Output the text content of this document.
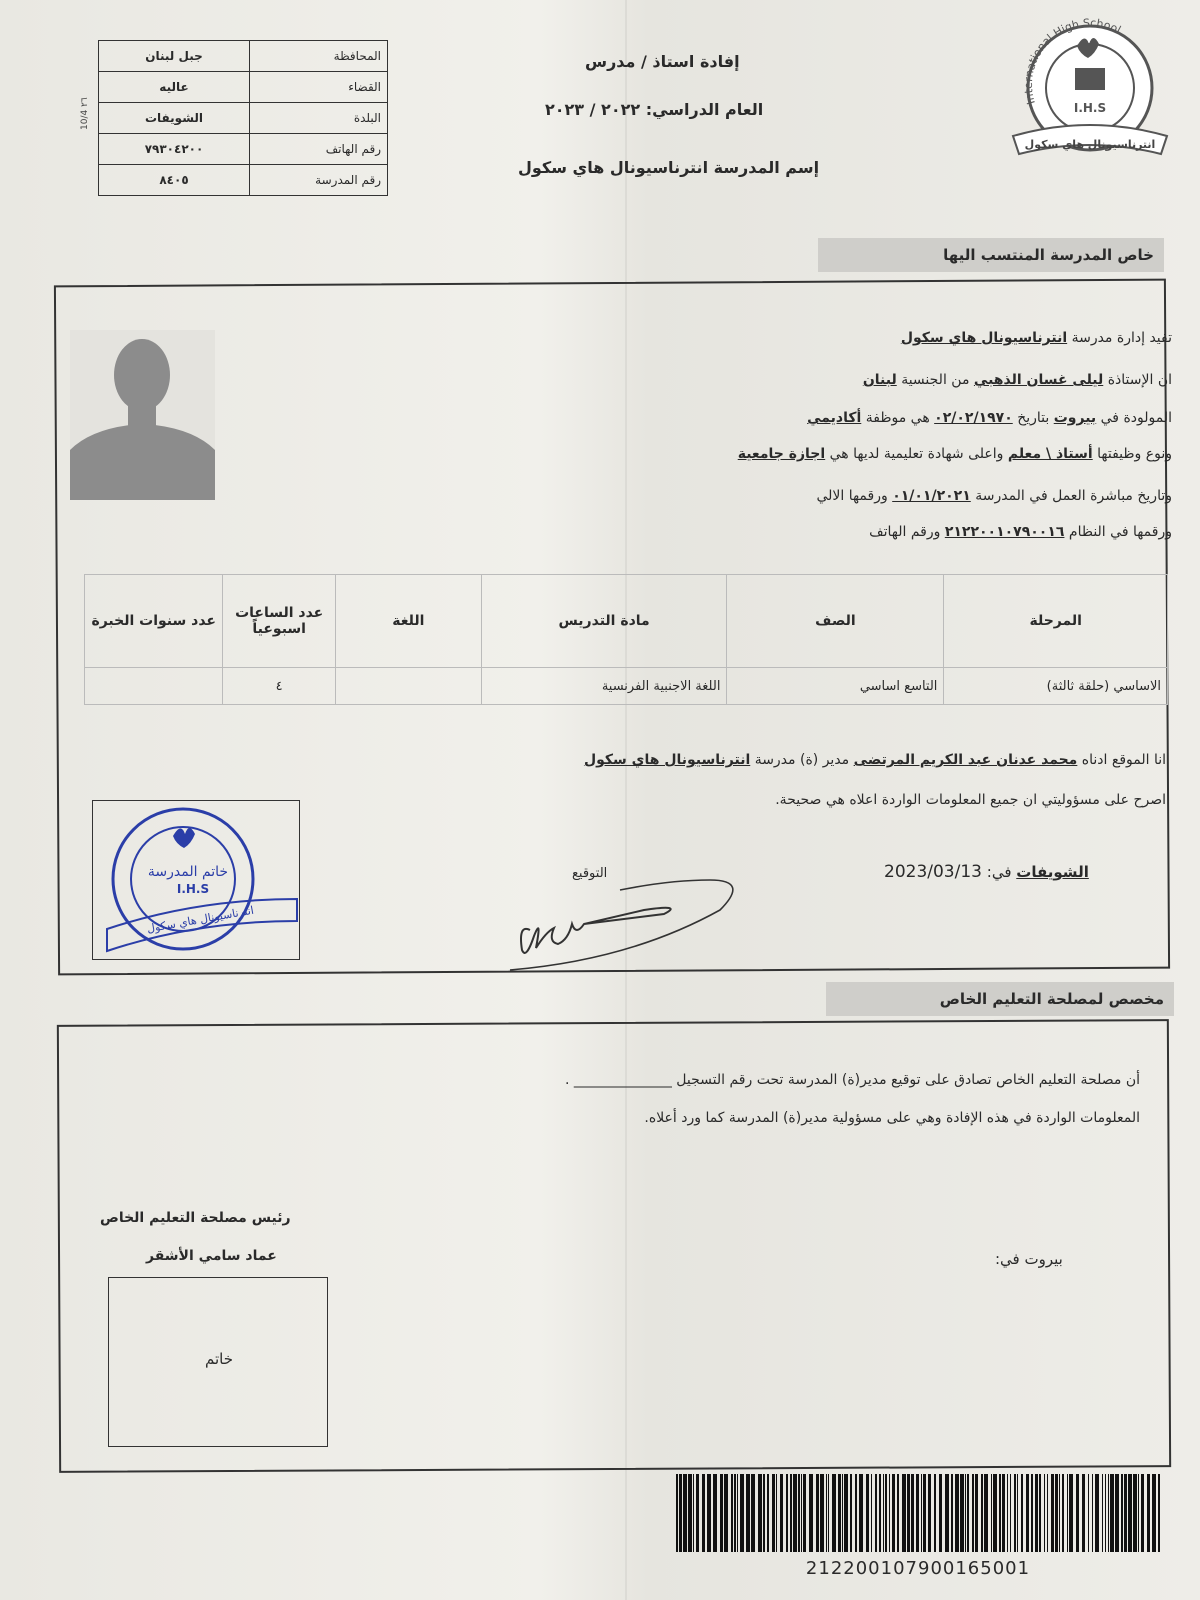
المحافظة	جبل لبنان
القضاء	عاليه
البلدة	الشويفات
رقم الهاتف	٧٩٣٠٤٢٠٠
رقم المدرسة	٨٤٠٥
10/4 ٢٦
إفادة استاذ / مدرس
العام الدراسي: ٢٠٢٢ / ٢٠٢٣
إسم المدرسة انترناسيونال هاي سكول
International High School
I.H.S
انترناسيونال هاي سكول
خاص المدرسة المنتسب اليها
تفيد إدارة مدرسة انترناسيونال هاي سكول
ان الإستاذة ليلى غسان الذهبي من الجنسية لبنان
المولودة في بيروت بتاريخ ٠٢/٠٢/١٩٧٠ هي موظفة أكاديمي
ونوع وظيفتها أستاذ \ معلم واعلى شهادة تعليمية لديها هي اجازة جامعية
وتاريخ مباشرة العمل في المدرسة ٠١/٠١/٢٠٢١ ورقمها الالي
ورقمها في النظام ٢١٢٢٠٠١٠٧٩٠٠١٦ ورقم الهاتف
المرحلة	الصف	مادة التدريس	اللغة	عدد الساعات اسبوعياً	عدد سنوات الخبرة
الاساسي (حلقة ثالثة)	التاسع اساسي	اللغة الاجنبية الفرنسية		٤	
انا الموقع ادناه محمد عدنان عبد الكريم المرتضى مدير (ة) مدرسة انترناسيونال هاي سكول
اصرح على مسؤوليتي ان جميع المعلومات الواردة اعلاه هي صحيحة.
الشويفات في: 2023/03/13
التوقيع
خاتم المدرسة
I.H.S
انترناسيونال هاي سكول
مخصص لمصلحة التعليم الخاص
أن مصلحة التعليم الخاص تصادق على توقيع مدير(ة) المدرسة تحت رقم التسجيل ______________ .
المعلومات الواردة في هذه الإفادة وهي على مسؤولية مدير(ة) المدرسة كما ورد أعلاه.
رئيس مصلحة التعليم الخاص
عماد سامي الأشقر	بيروت في:
خاتم
21220010790016500​1
